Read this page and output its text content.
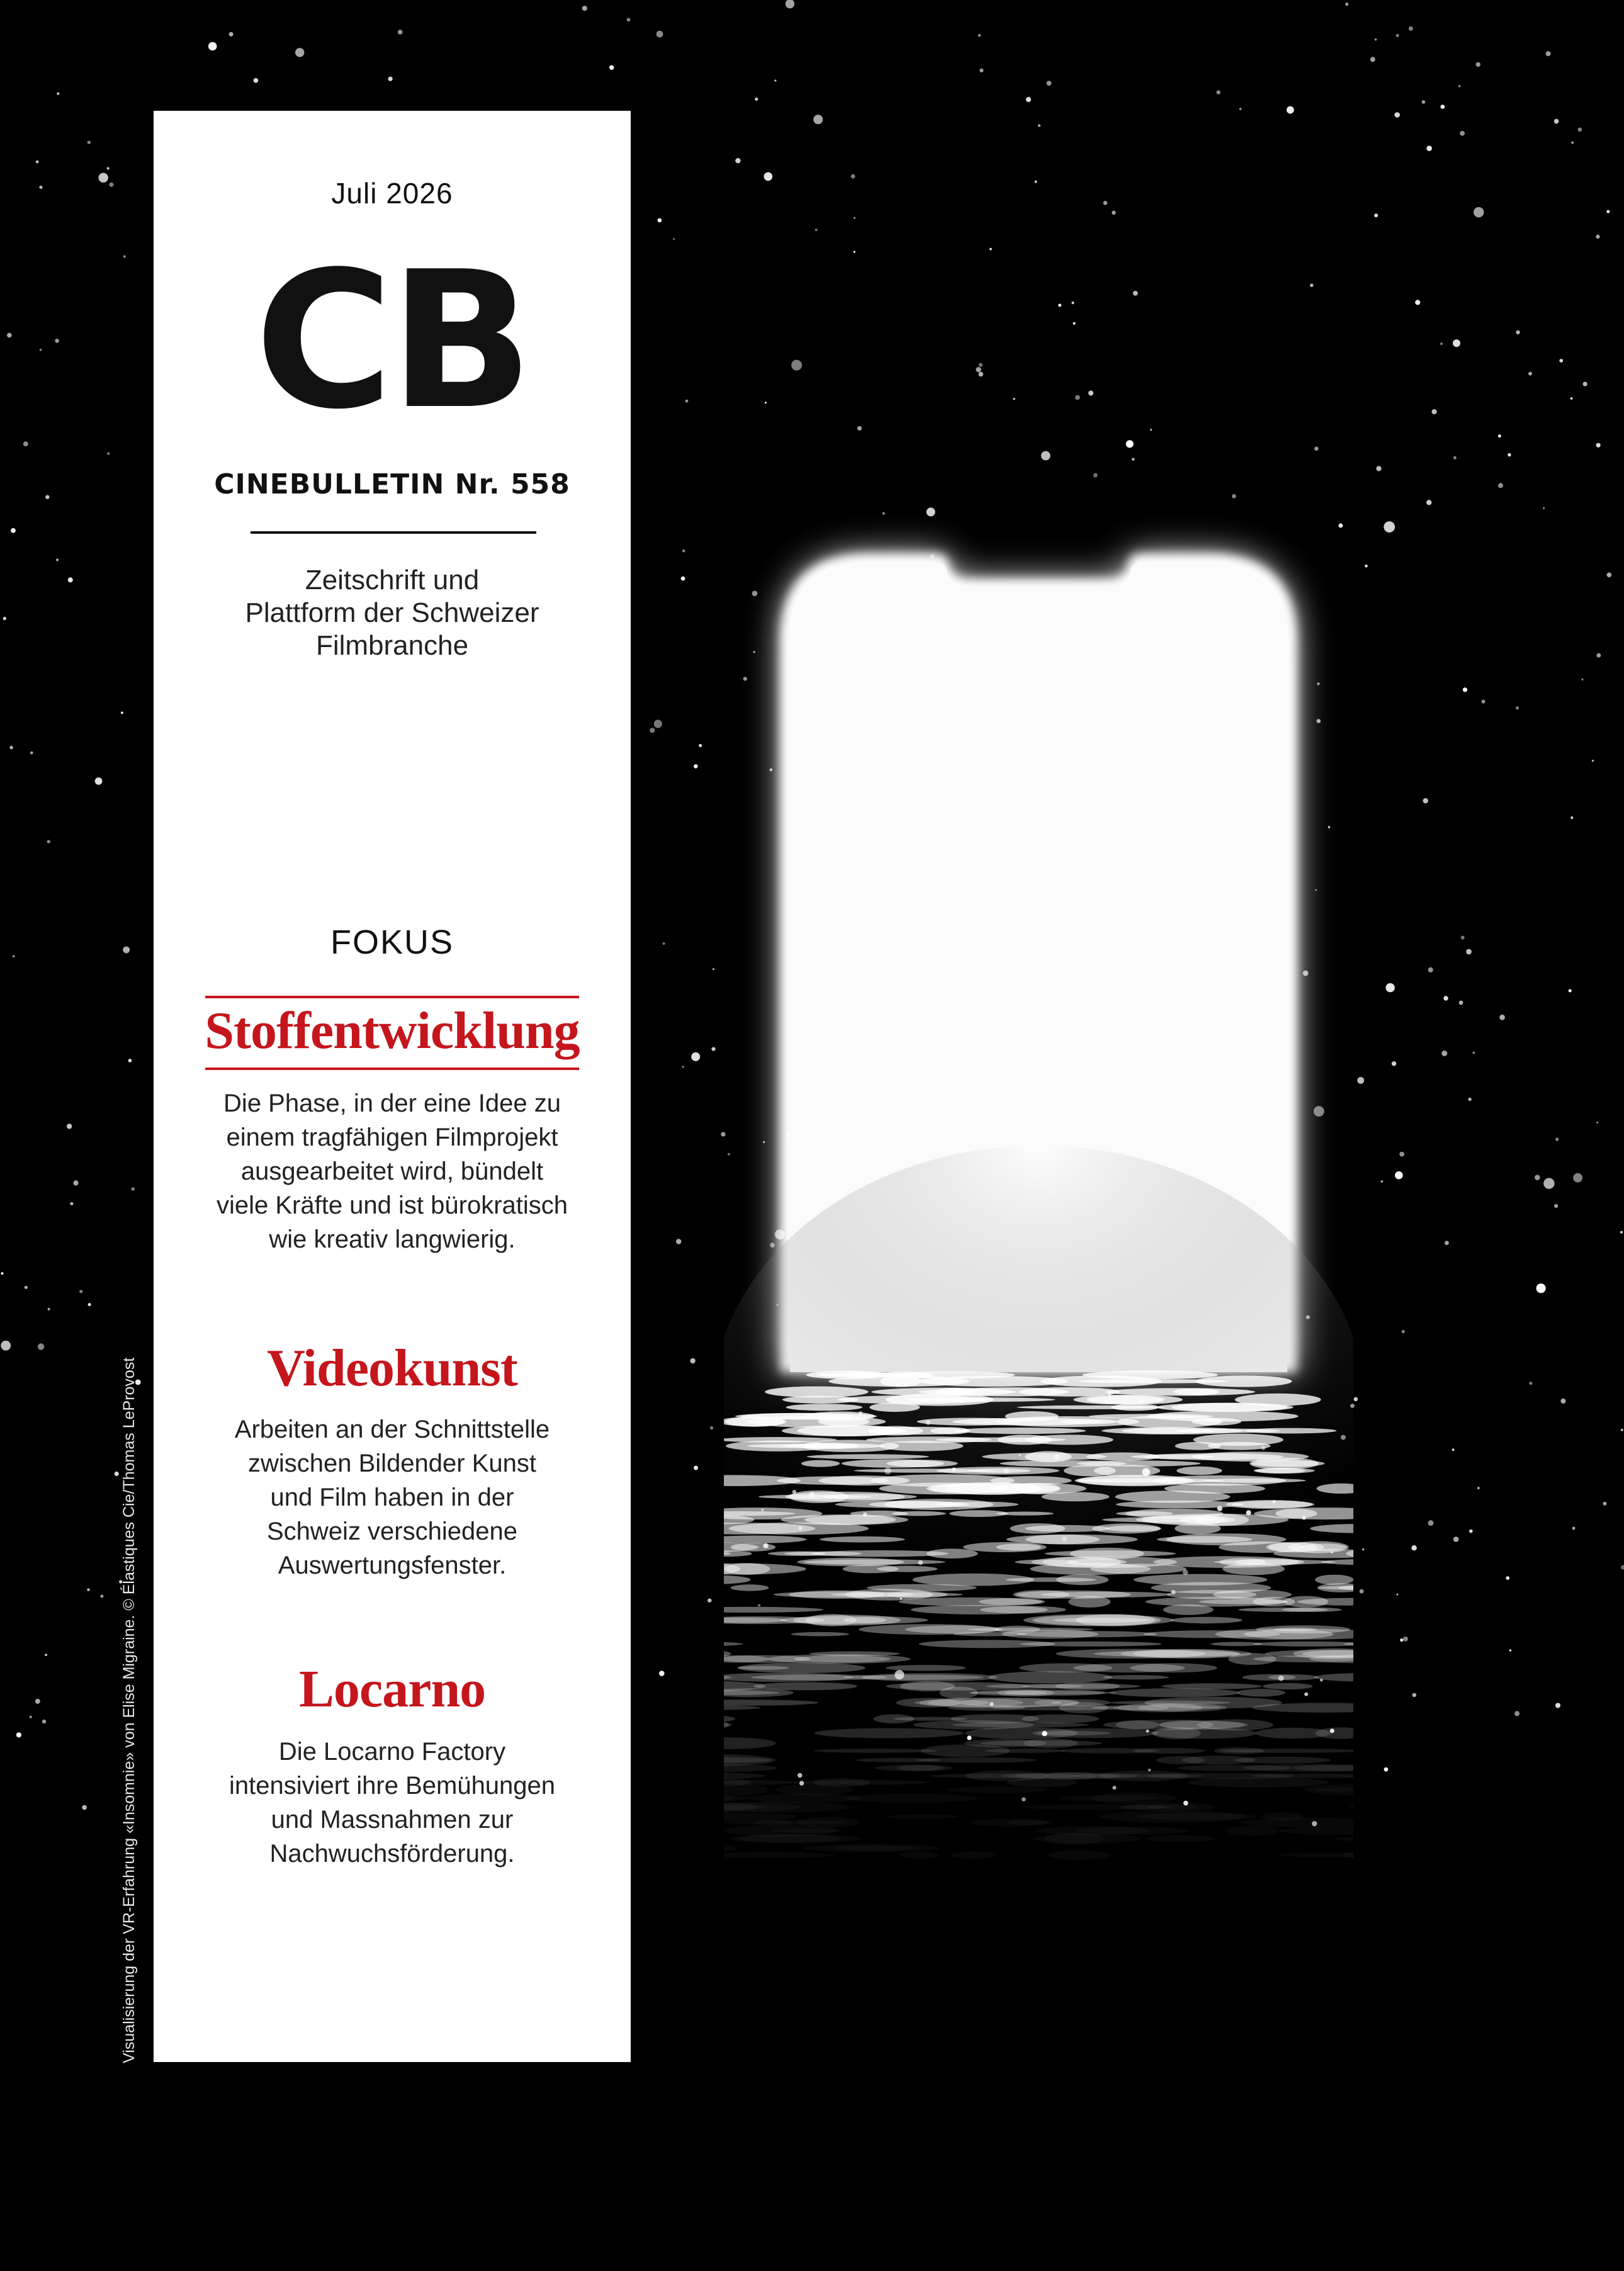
Juli 2026
CB
CINEBULLETIN Nr. 558
Zeitschrift und
Plattform der Schweizer
Filmbranche
FOKUS
Stoffentwicklung
Die Phase, in der eine Idee zu
einem tragfähigen Filmprojekt
ausgearbeitet wird, bündelt
viele Kräfte und ist bürokratisch
wie kreativ langwierig.
Videokunst
Arbeiten an der Schnittstelle
zwischen Bildender Kunst
und Film haben in der
Schweiz verschiedene
Auswertungsfenster.
Locarno
Die Locarno Factory
intensiviert ihre Bemühungen
und Massnahmen zur
Nachwuchsförderung.
Visualisierung der VR-Erfahrung «Insomnie» von Elise Migraine. © Élastiques Cie/Thomas LeProvost
